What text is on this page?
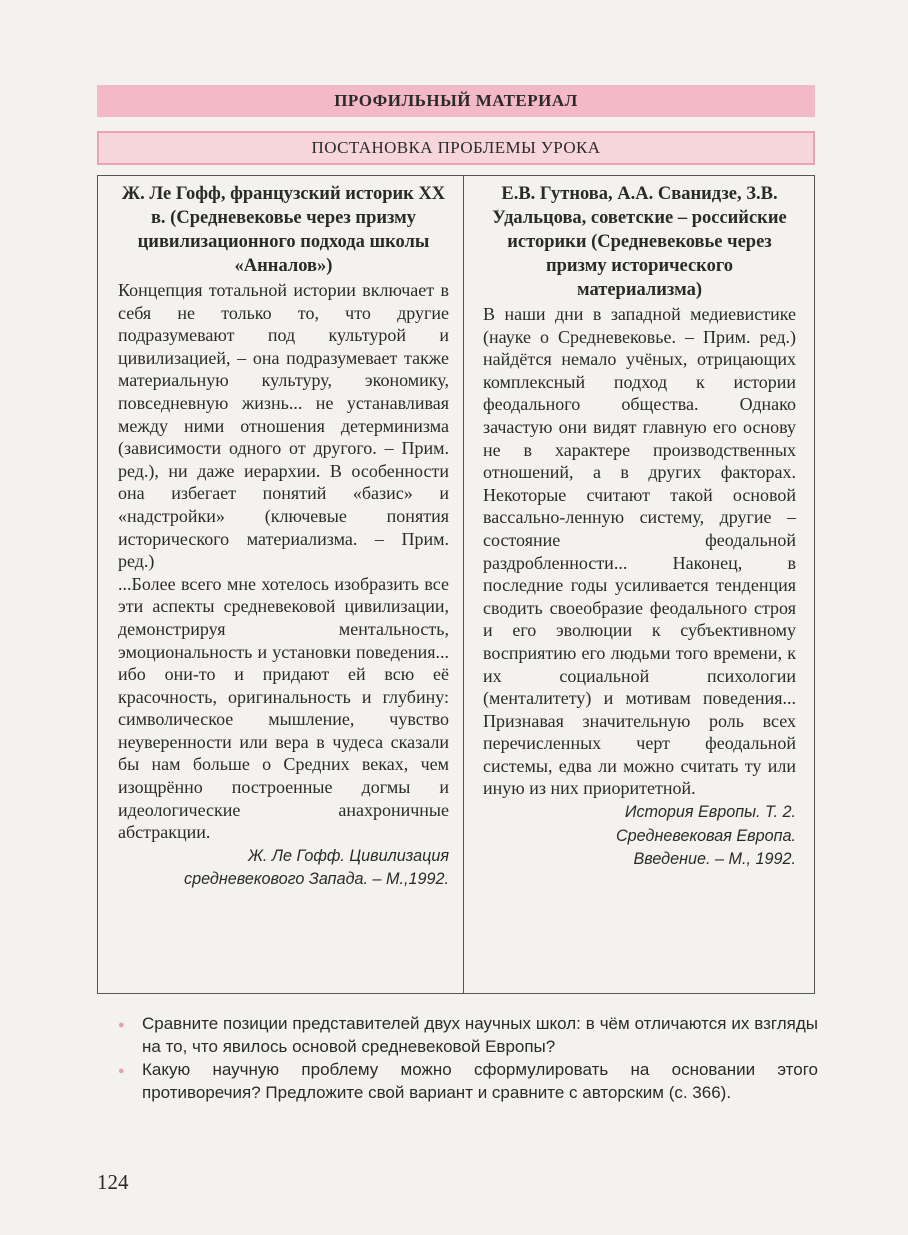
ПРОФИЛЬНЫЙ МАТЕРИАЛ
ПОСТАНОВКА ПРОБЛЕМЫ УРОКА
Ж. Ле Гофф, французский историк XX в. (Средневековье через призму цивилизационного подхода школы «Анналов»)

Концепция тотальной истории включает в себя не только то, что другие подразумевают под культурой и цивилизацией, – она подразумевает также материальную культуру, экономику, повседневную жизнь... не устанавливая между ними отношения детерминизма (зависимости одного от другого. – Прим. ред.), ни даже иерархии. В особенности она избегает понятий «базис» и «надстройки» (ключевые понятия исторического материализма. – Прим. ред.)

...Более всего мне хотелось изобразить все эти аспекты средневековой цивилизации, демонстрируя ментальность, эмоциональность и установки поведения... ибо они-то и придают ей всю её красочность, оригинальность и глубину: символическое мышление, чувство неуверенности или вера в чудеса сказали бы нам больше о Средних веках, чем изощрённо построенные догмы и идеологические анахроничные абстракции.

Ж. Ле Гофф. Цивилизация
средневекового Запада. – М.,1992.
Е.В. Гутнова, А.А. Сванидзе, З.В. Удальцова, советские – российские историки (Средневековье через призму исторического материализма)

В наши дни в западной медиевистике (науке о Средневековье. – Прим. ред.) найдётся немало учёных, отрицающих комплексный подход к истории феодального общества. Однако зачастую они видят главную его основу не в характере производственных отношений, а в других факторах. Некоторые считают такой основой вассально-ленную систему, другие – состояние феодальной раздробленности... Наконец, в последние годы усиливается тенденция сводить своеобразие феодального строя и его эволюции к субъективному восприятию его людьми того времени, к их социальной психологии (менталитету) и мотивам поведения... Признавая значительную роль всех перечисленных черт феодальной системы, едва ли можно считать ту или иную из них приоритетной.

История Европы. Т. 2.
Средневековая Европа.
Введение. – М., 1992.
●	Сравните позиции представителей двух научных школ: в чём отличаются их взгляды на то, что явилось основой средневековой Европы?
●	Какую научную проблему можно сформулировать на основании этого противоречия? Предложите свой вариант и сравните с авторским (с. 366).
124
